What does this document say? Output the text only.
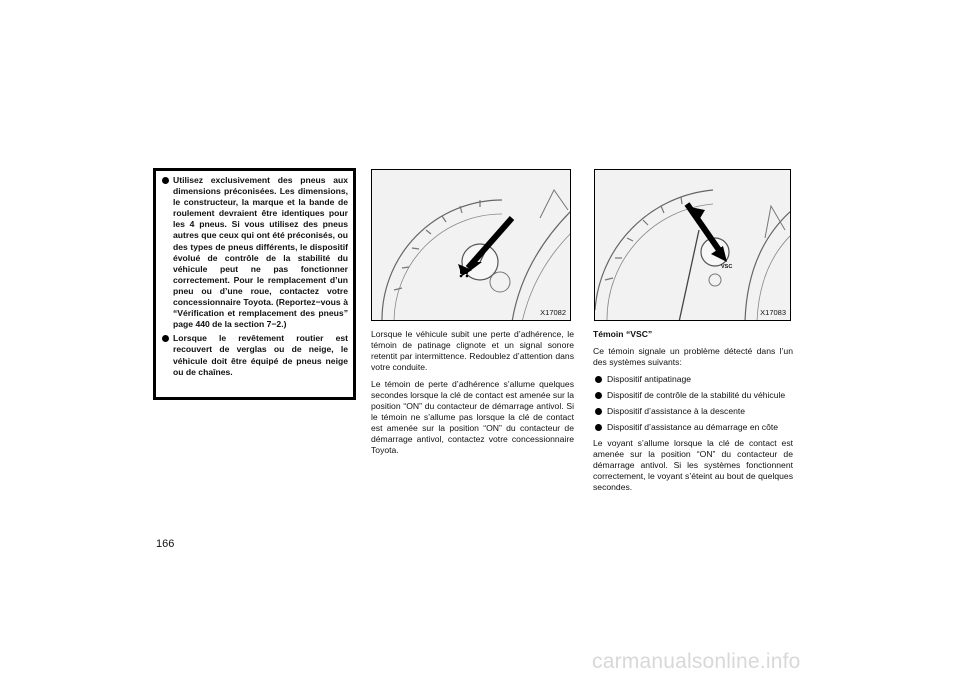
Utilisez exclusivement des pneus aux dimensions préconisées. Les dimensions, le constructeur, la marque et la bande de roulement devraient être identiques pour les 4 pneus. Si vous utilisez des pneus autres que ceux qui ont été préconisés, ou des types de pneus différents, le dispositif évolué de contrôle de la stabilité du véhicule peut ne pas fonctionner correctement. Pour le remplacement d’un pneu ou d’une roue, contactez votre concessionnaire Toyota. (Reportez−vous à “Vérification et remplacement des pneus” page 440 de la section 7−2.)
Lorsque le revêtement routier est recouvert de verglas ou de neige, le véhicule doit être équipé de pneus neige ou de chaînes.
X17082
VSC
X17083

Lorsque le véhicule subit une perte d’adhérence, le témoin de patinage clignote et un signal sonore retentit par intermittence. Redoublez d’attention dans votre conduite.

Le témoin de perte d’adhérence s’allume quelques secondes lorsque la clé de contact est amenée sur la position “ON” du contacteur de démarrage antivol. Si le témoin ne s’allume pas lorsque la clé de contact est amenée sur la position “ON” du contacteur de démarrage antivol, contactez votre concessionnaire Toyota.

Témoin “VSC”

Ce témoin signale un problème détecté dans l’un des systèmes suivants:

Dispositif antipatinage
Dispositif de contrôle de la stabilité du véhicule
Dispositif d’assistance à la descente
Dispositif d’assistance au démarrage en côte

Le voyant s’allume lorsque la clé de contact est amenée sur la position “ON” du contacteur de démarrage antivol. Si les systèmes fonctionnent correctement, le voyant s’éteint au bout de quelques secondes.

166
carmanualsonline.info
